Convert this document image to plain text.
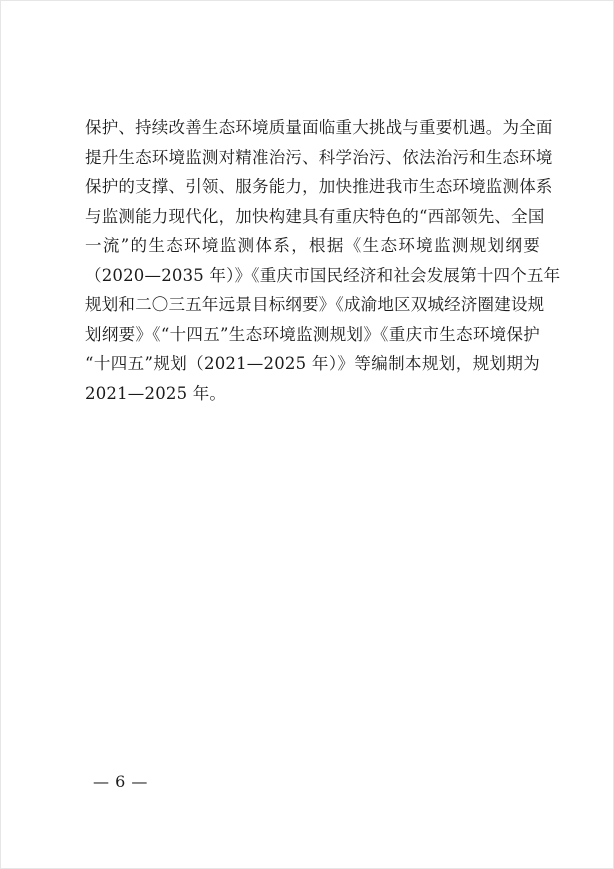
保护、持续改善生态环境质量面临重大挑战与重要机遇。为全面
提升生态环境监测对精准治污、科学治污、依法治污和生态环境
保护的支撑、引领、服务能力，加快推进我市生态环境监测体系
与监测能力现代化，加快构建具有重庆特色的“西部领先、全国
一流”的生态环境监测体系，根据《生态环境监测规划纲要
（2020—2035 年）》《重庆市国民经济和社会发展第十四个五年
规划和二〇三五年远景目标纲要》《成渝地区双城经济圈建设规
划纲要》《“十四五”生态环境监测规划》《重庆市生态环境保护
“十四五”规划（2021—2025 年）》等编制本规划，规划期为
2021—2025 年。
— 6 —
